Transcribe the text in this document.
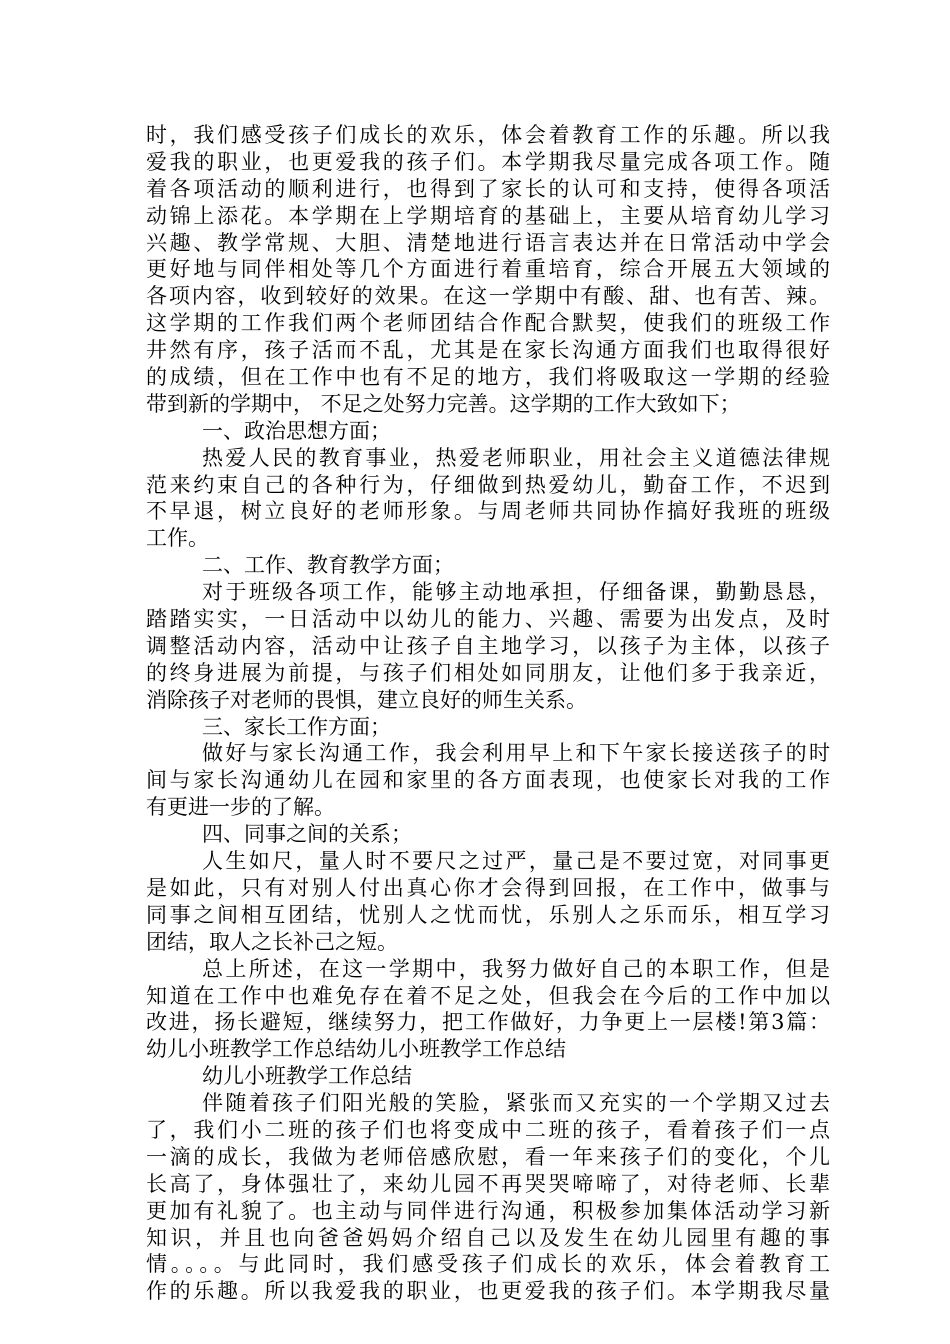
时，我们感受孩子们成长的欢乐，体会着教育工作的乐趣。所以我
爱我的职业，也更爱我的孩子们。本学期我尽量完成各项工作。随
着各项活动的顺利进行，也得到了家长的认可和支持，使得各项活
动锦上添花。本学期在上学期培育的基础上，主要从培育幼儿学习
兴趣、教学常规、大胆、清楚地进行语言表达并在日常活动中学会
更好地与同伴相处等几个方面进行着重培育，综合开展五大领域的
各项内容，收到较好的效果。在这一学期中有酸、甜、也有苦、辣。
这学期的工作我们两个老师团结合作配合默契，使我们的班级工作
井然有序，孩子活而不乱，尤其是在家长沟通方面我们也取得很好
的成绩，但在工作中也有不足的地方，我们将吸取这一学期的经验
带到新的学期中， 不足之处努力完善。这学期的工作大致如下；
一、政治思想方面；
热爱人民的教育事业，热爱老师职业，用社会主义道德法律规
范来约束自己的各种行为，仔细做到热爱幼儿，勤奋工作，不迟到
不早退，树立良好的老师形象。与周老师共同协作搞好我班的班级
工作。
二、工作、教育教学方面；
对于班级各项工作，能够主动地承担，仔细备课，勤勤恳恳，
踏踏实实，一日活动中以幼儿的能力、兴趣、需要为出发点，及时
调整活动内容，活动中让孩子自主地学习，以孩子为主体，以孩子
的终身进展为前提，与孩子们相处如同朋友，让他们多于我亲近，
消除孩子对老师的畏惧，建立良好的师生关系。
三、家长工作方面；
做好与家长沟通工作，我会利用早上和下午家长接送孩子的时
间与家长沟通幼儿在园和家里的各方面表现，也使家长对我的工作
有更进一步的了解。
四、同事之间的关系；
人生如尺，量人时不要尺之过严，量己是不要过宽，对同事更
是如此，只有对别人付出真心你才会得到回报，在工作中，做事与
同事之间相互团结，忧别人之忧而忧，乐别人之乐而乐，相互学习
团结，取人之长补己之短。
总上所述，在这一学期中，我努力做好自己的本职工作，但是
知道在工作中也难免存在着不足之处，但我会在今后的工作中加以
改进，扬长避短，继续努力，把工作做好，力争更上一层楼!第3篇：
幼儿小班教学工作总结幼儿小班教学工作总结
幼儿小班教学工作总结
伴随着孩子们阳光般的笑脸，紧张而又充实的一个学期又过去
了，我们小二班的孩子们也将变成中二班的孩子，看着孩子们一点
一滴的成长，我做为老师倍感欣慰，看一年来孩子们的变化，个儿
长高了，身体强壮了，来幼儿园不再哭哭啼啼了，对待老师、长辈
更加有礼貌了。也主动与同伴进行沟通，积极参加集体活动学习新
知识，并且也向爸爸妈妈介绍自己以及发生在幼儿园里有趣的事
情。。。。与此同时，我们感受孩子们成长的欢乐，体会着教育工
作的乐趣。所以我爱我的职业，也更爱我的孩子们。本学期我尽量
